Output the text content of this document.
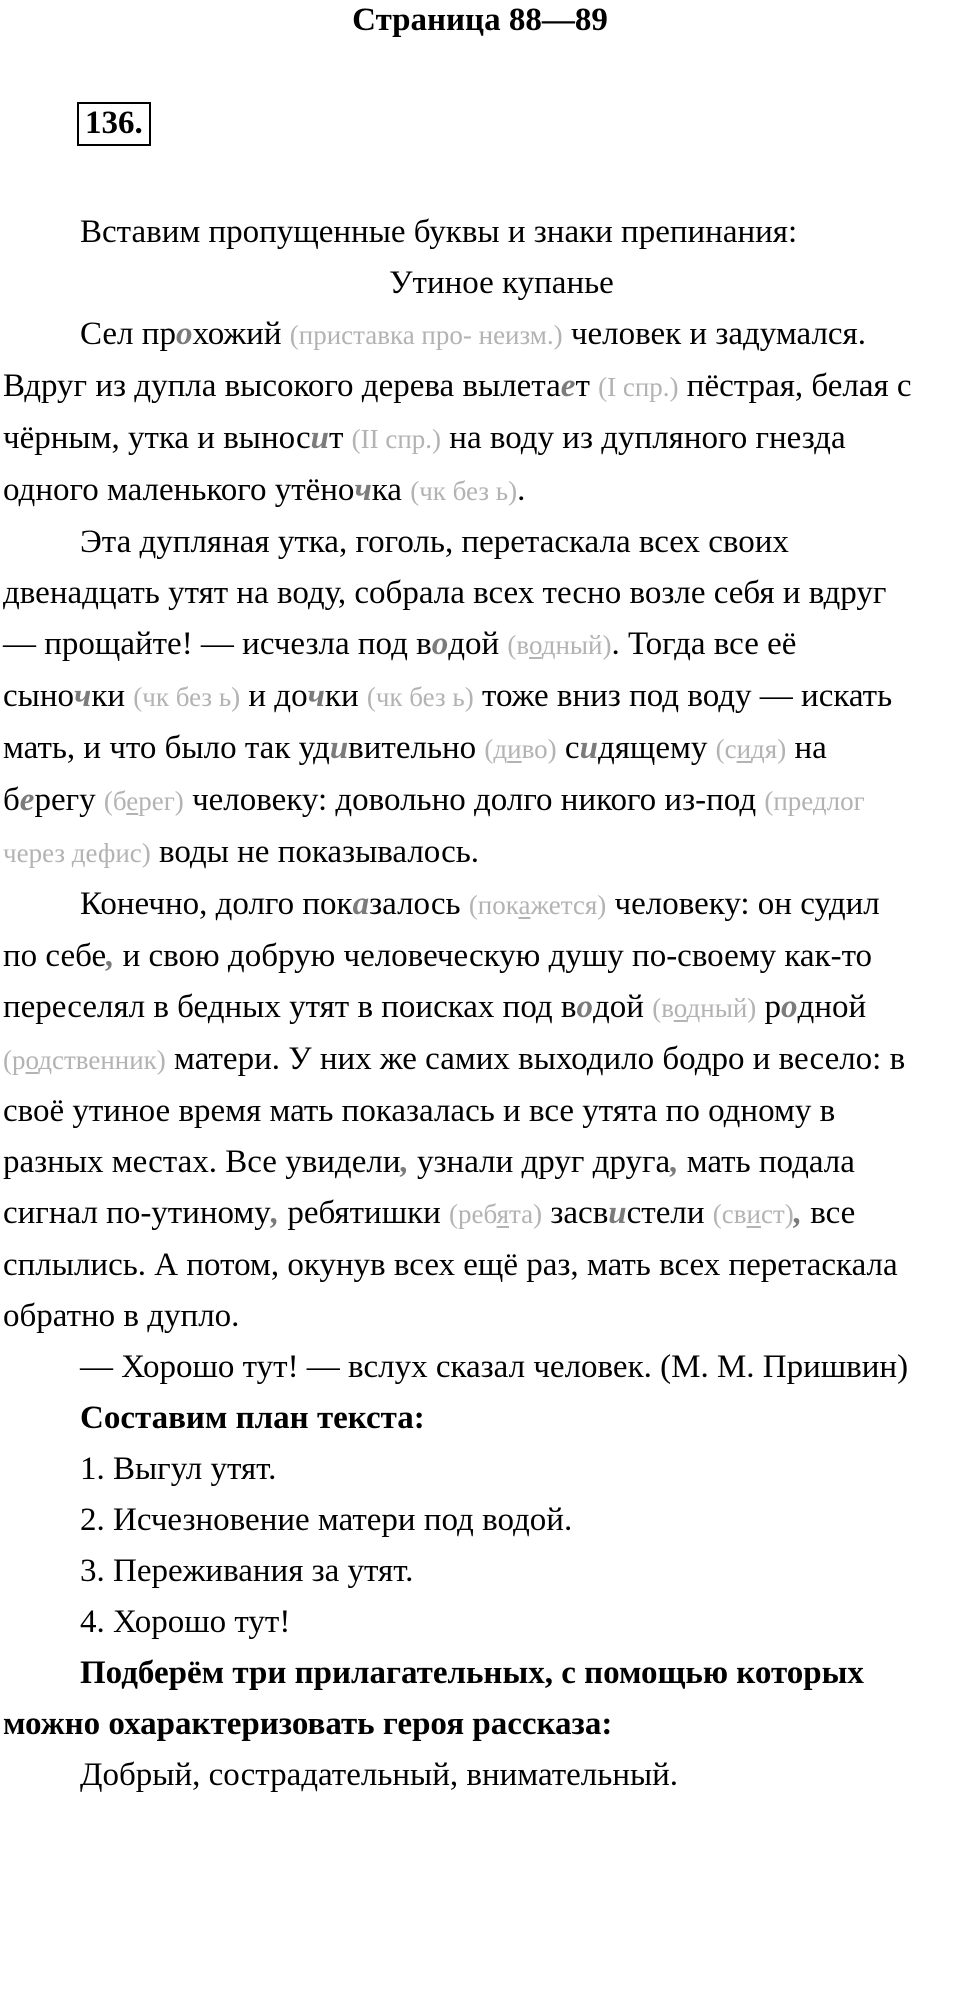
Страница 88—89
136.

Вставим пропущенные буквы и знаки препинания:

Утиное купанье

Сел прохожий (приставка про- неизм.) человек и задумался. Вдруг из дупла высокого дерева вылетает (I спр.) пёстрая, белая с чёрным, утка и выносит (II спр.) на воду из дупляного гнезда одного маленького утёночка (чк без ь).

Эта дупляная утка, гоголь, перетаскала всех своих двенадцать утят на воду, собрала всех тесно возле себя и вдруг — прощайте! — исчезла под водой (водный). Тогда все её сыночки (чк без ь) и дочки (чк без ь) тоже вниз под воду — искать мать, и что было так удивительно (диво) сидящему (сидя) на берегу (берег) человеку: довольно долго никого из-под (предлог через дефис) воды не показывалось.

Конечно, долго показалось (покажется) человеку: он судил по себе, и свою добрую человеческую душу по-своему как-то переселял в бедных утят в поисках под водой (водный) родной (родственник) матери. У них же самих выходило бодро и весело: в своё утиное время мать показалась и все утята по одному в разных местах. Все увидели, узнали друг друга, мать подала сигнал по-утиному, ребятишки (ребята) засвистели (свист), все сплылись. А потом, окунув всех ещё раз, мать всех перетаскала обратно в дупло.

— Хорошо тут! — вслух сказал человек. (М. М. Пришвин)

Составим план текста:

1. Выгул утят.

2. Исчезновение матери под водой.

3. Переживания за утят.

4. Хорошо тут!

Подберём три прилагательных, с помощью которых можно охарактеризовать героя рассказа:

Добрый, сострадательный, внимательный.
